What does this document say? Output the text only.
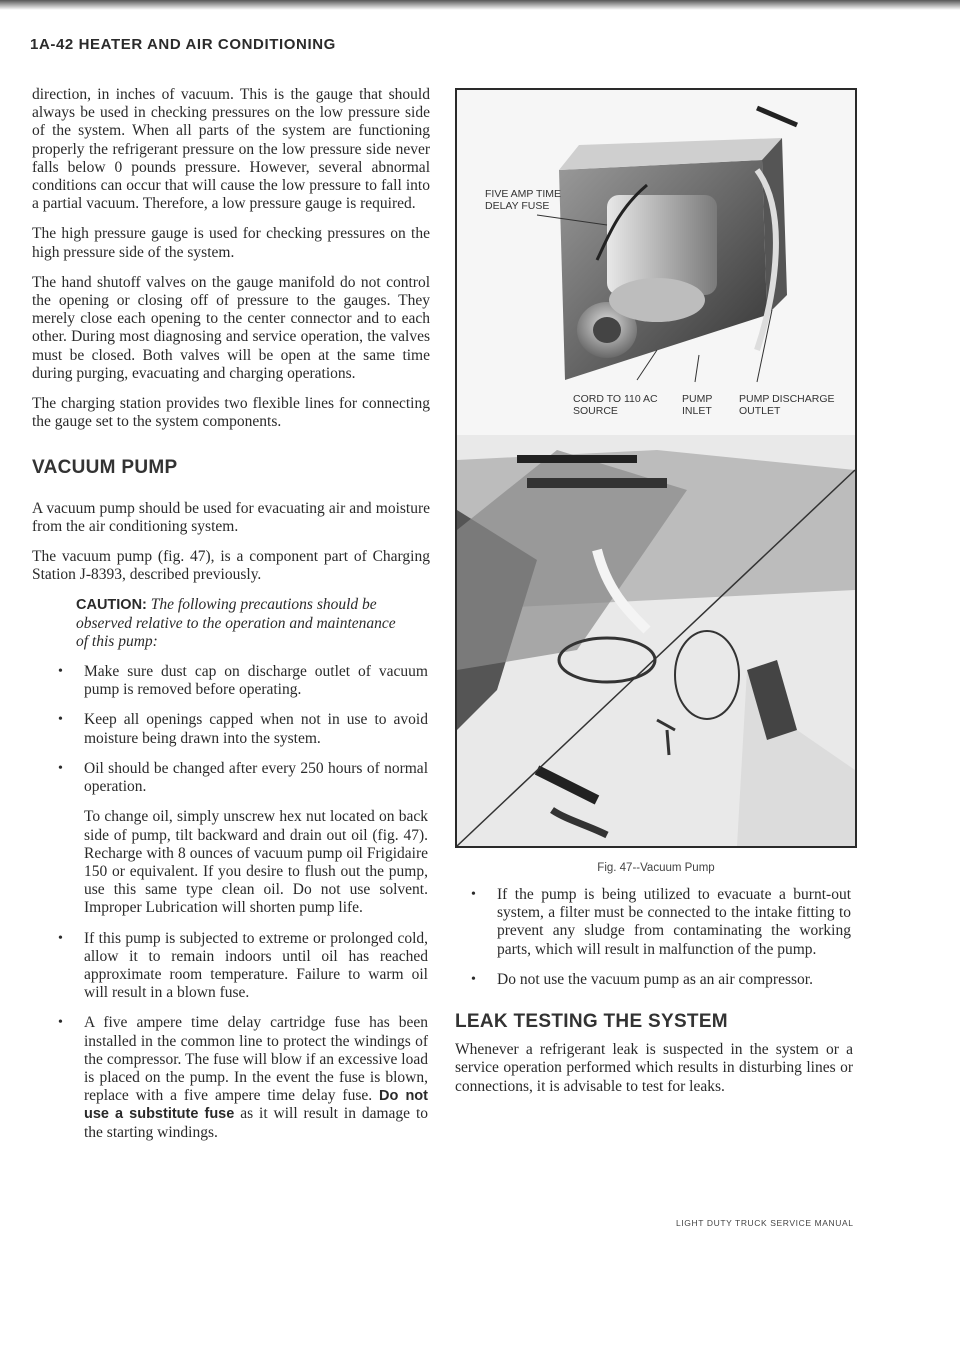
1A-42 HEATER AND AIR CONDITIONING

direction, in inches of vacuum. This is the gauge that should always be used in checking pressures on the low pressure side of the system. When all parts of the system are functioning properly the refrigerant pressure on the low pressure side never falls below 0 pounds pressure. However, several abnormal conditions can occur that will cause the low pressure to fall into a partial vacuum. Therefore, a low pressure gauge is required.

The high pressure gauge is used for checking pressures on the high pressure side of the system.

The hand shutoff valves on the gauge manifold do not control the opening or closing off of pressure to the gauges. They merely close each opening to the center connector and to each other. During most diagnosing and service operation, the valves must be closed. Both valves will be open at the same time during purging, evacuating and charging operations.

The charging station provides two flexible lines for connecting the gauge set to the system components.

VACUUM PUMP

A vacuum pump should be used for evacuating air and moisture from the air conditioning system.

The vacuum pump (fig. 47), is a component part of Charging Station J-8393, described previously.

CAUTION: The following precautions should be observed relative to the operation and maintenance of this pump:

• Make sure dust cap on discharge outlet of vacuum pump is removed before operating.
• Keep all openings capped when not in use to avoid moisture being drawn into the system.
• Oil should be changed after every 250 hours of normal operation.
To change oil, simply unscrew hex nut located on back side of pump, tilt backward and drain out oil (fig. 47). Recharge with 8 ounces of vacuum pump oil Frigidaire 150 or equivalent. If you desire to flush out the pump, use this same type clean oil. Do not use solvent. Improper Lubrication will shorten pump life.
• If this pump is subjected to extreme or prolonged cold, allow it to remain indoors until oil has reached approximate room temperature. Failure to warm oil will result in a blown fuse.
• A five ampere time delay cartridge fuse has been installed in the common line to protect the windings of the compressor. The fuse will blow if an excessive load is placed on the pump. In the event the fuse is blown, replace with a five ampere time delay fuse. Do not use a substitute fuse as it will result in damage to the starting windings.
FIVE AMP TIME DELAY FUSE
CORD TO 110 AC SOURCE
PUMP INLET
PUMP DISCHARGE OUTLET
Fig. 47--Vacuum Pump
• If the pump is being utilized to evacuate a burnt-out system, a filter must be connected to the intake fitting to prevent any sludge from contaminating the working parts, which will result in malfunction of the pump.
• Do not use the vacuum pump as an air compressor.
LEAK TESTING THE SYSTEM

Whenever a refrigerant leak is suspected in the system or a service operation performed which results in disturbing lines or connections, it is advisable to test for leaks.

LIGHT DUTY TRUCK SERVICE MANUAL
